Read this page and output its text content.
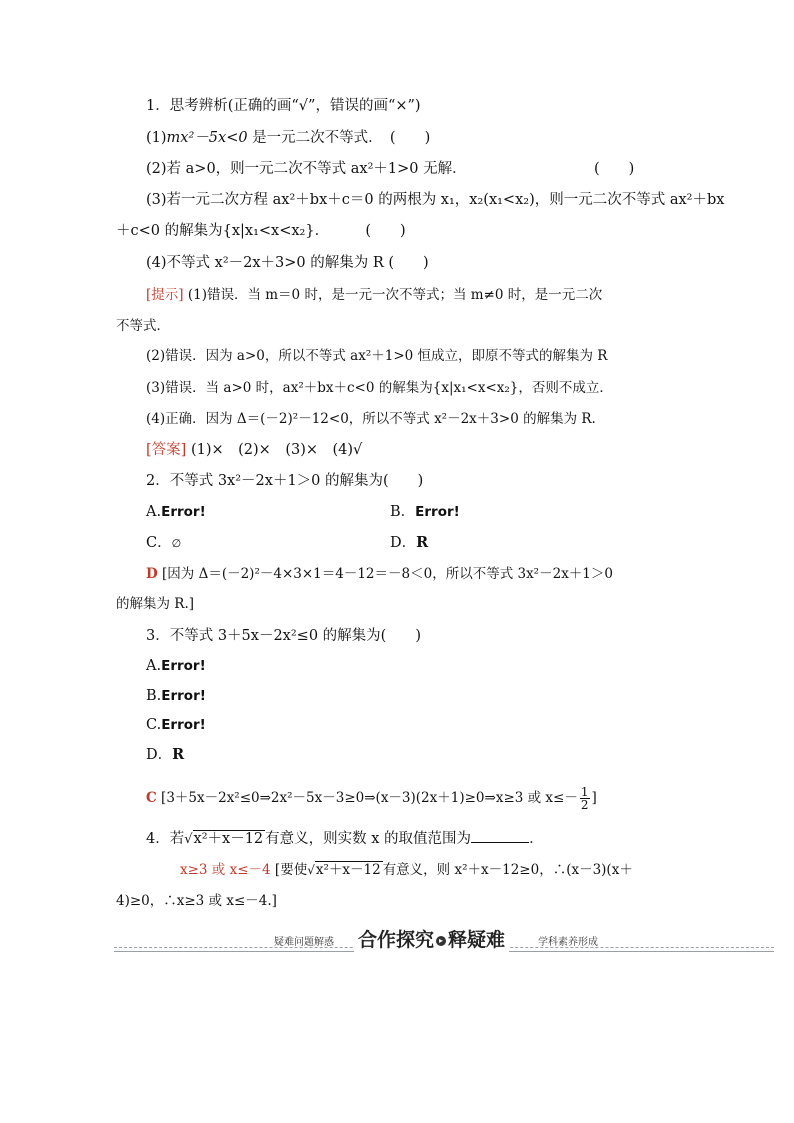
1．思考辨析(正确的画“√”，错误的画“×”)
(1)mx²－5x<0 是一元二次不等式．　(　　)
(2)若 a>0，则一元二次不等式 ax²＋1>0 无解．	(　　)
(3)若一元二次方程 ax²＋bx＋c＝0 的两根为 x₁，x₂(x₁<x₂)，则一元二次不等式 ax²＋bx
＋c<0 的解集为{x|x₁<x<x₂}．　　　(　　)
(4)不等式 x²－2x＋3>0 的解集为 R (　　)
[提示] (1)错误．当 m＝0 时，是一元一次不等式；当 m≠0 时，是一元二次
不等式．
(2)错误．因为 a>0，所以不等式 ax²＋1>0 恒成立，即原不等式的解集为 R
(3)错误．当 a>0 时，ax²＋bx＋c<0 的解集为{x|x₁<x<x₂}，否则不成立．
(4)正确．因为 Δ＝(－2)²－12<0，所以不等式 x²－2x＋3>0 的解集为 R.
[答案] (1)×　(2)×　(3)×　(4)√
2．不等式 3x²－2x＋1＞0 的解集为(　　)
A.Error!	B．Error!
C．∅	D．R
D [因为 Δ＝(－2)²－4×3×1＝4－12＝－8＜0，所以不等式 3x²－2x＋1＞0
的解集为 R.]
3．不等式 3＋5x－2x²≤0 的解集为(　　)
A.Error!
B.Error!
C.Error!
D．R
C [3＋5x－2x²≤0⇒2x²－5x－3≥0⇒(x－3)(2x＋1)≥0⇒x≥3 或 $x\le- \frac{1}{2}$ ]
4．若√x²＋x－12 有意义，则实数 x 的取值范围为	．
x≥3 或 x≤－4 [要使√x²＋x－12 有意义，则 x²＋x－12≥0，∴(x－3)(x＋
4)≥0，∴x≥3 或 x≤－4.]
疑难问题解惑 合作探究 ▸ 释疑难	学科素养形成
